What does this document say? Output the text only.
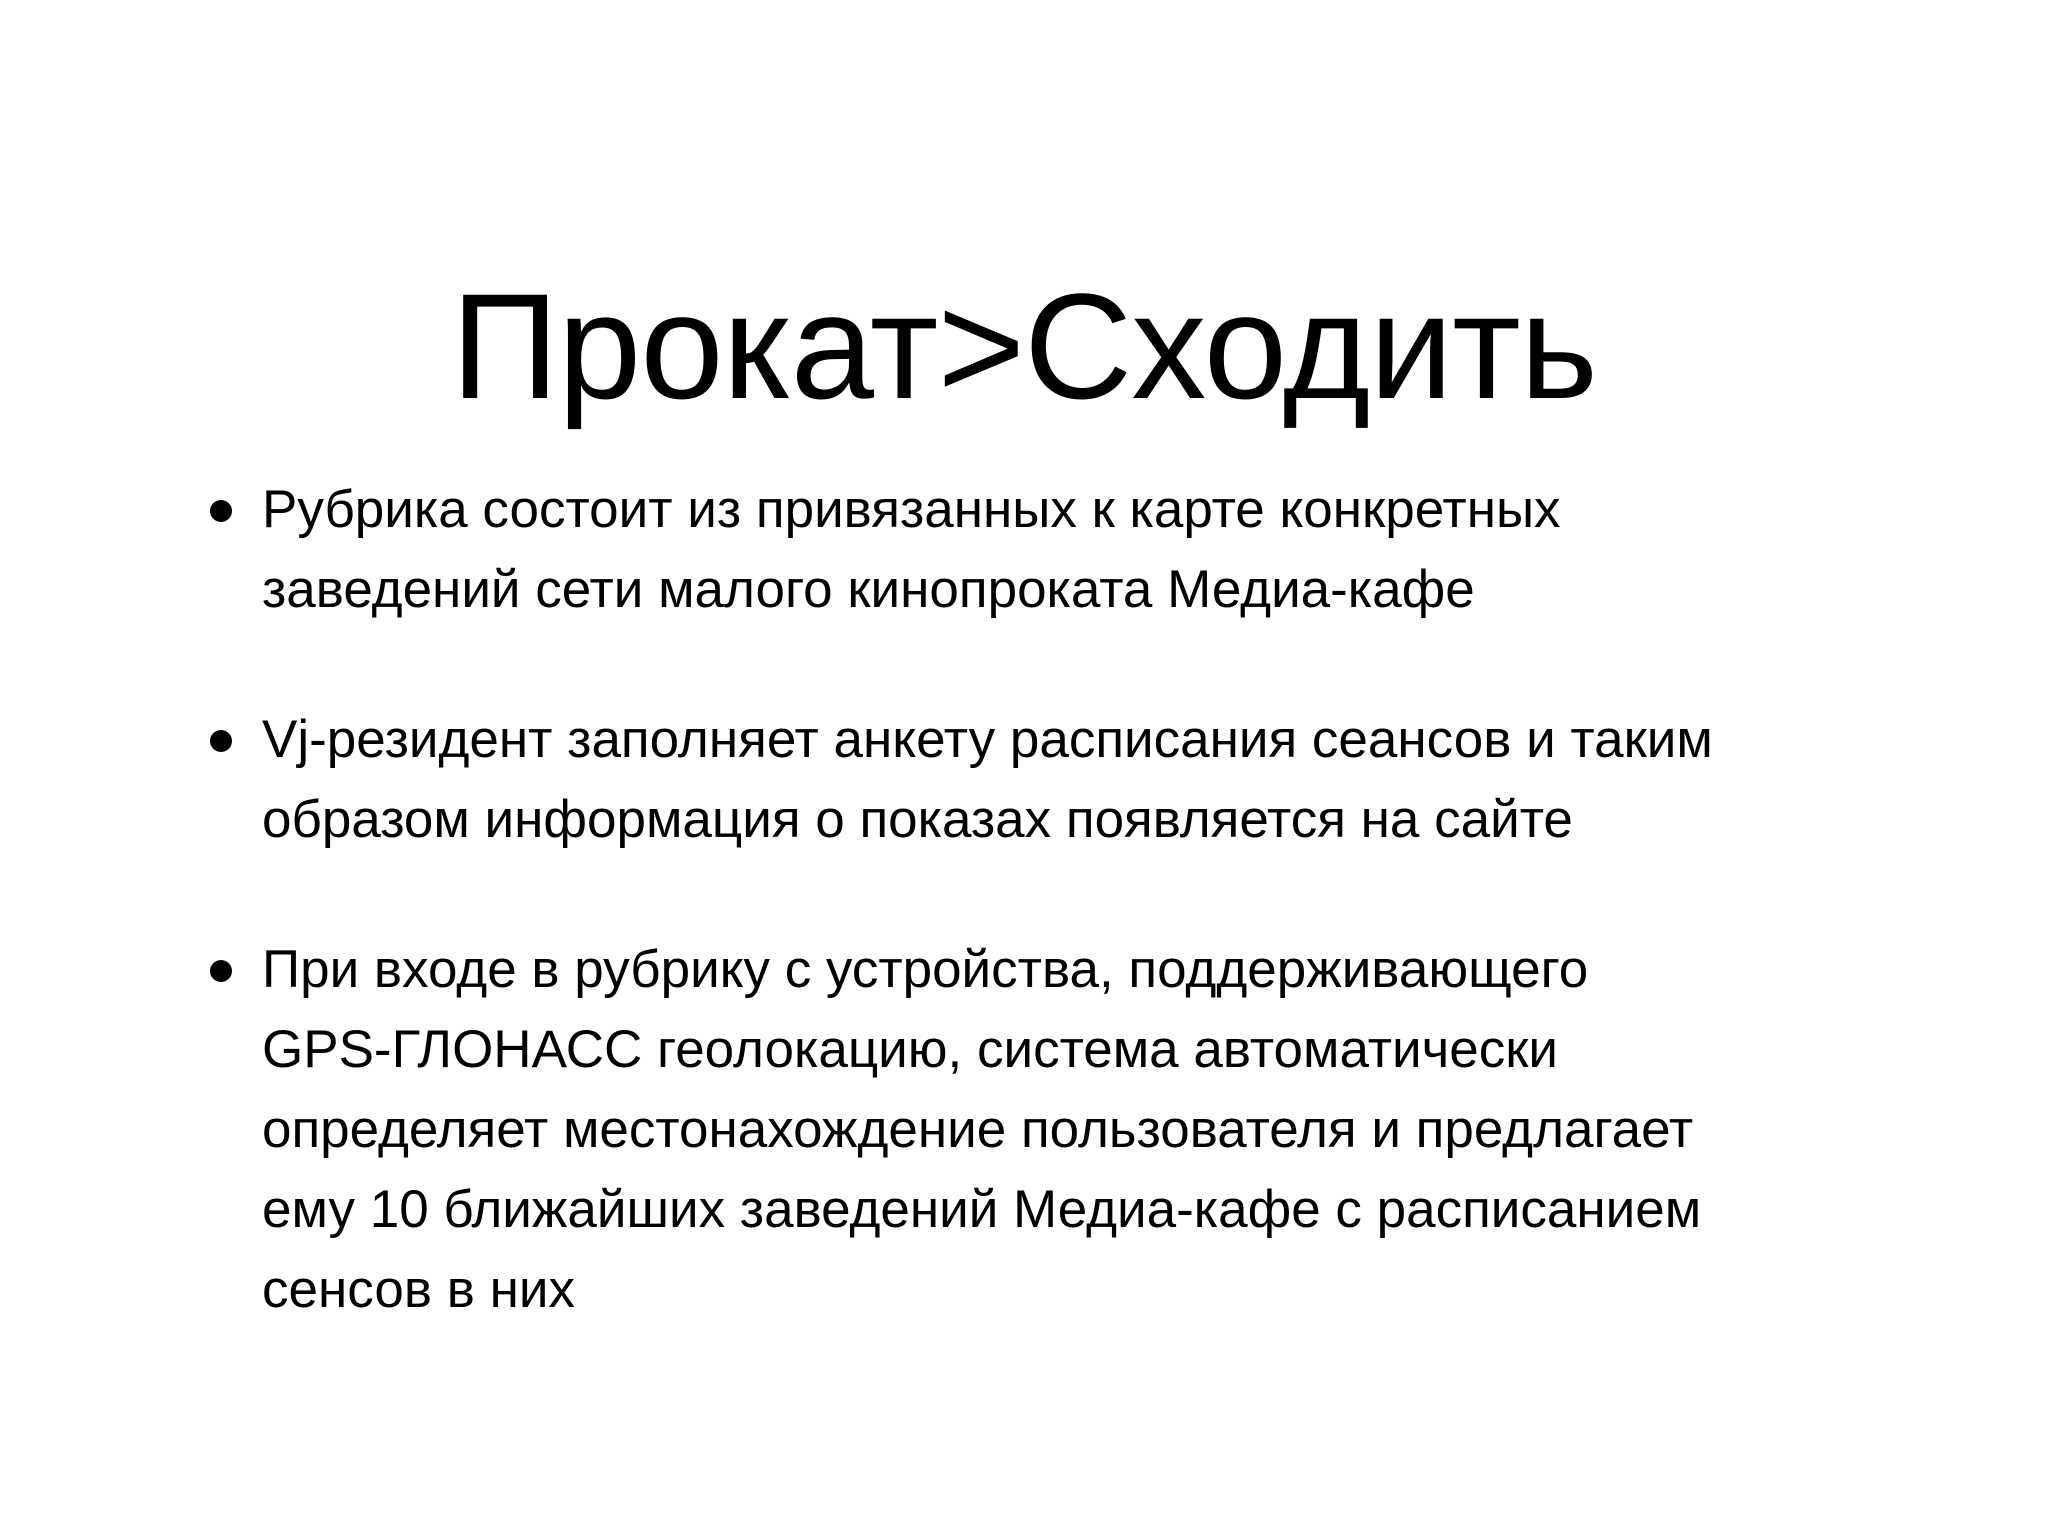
Прокат>Сходить
Рубрика состоит из привязанных к карте конкретных
заведений сети малого кинопроката Медиа-кафе
Vj-резидент заполняет анкету расписания сеансов и таким
образом информация о показах появляется на сайте
При входе в рубрику с устройства, поддерживающего
GPS-ГЛОНАСС геолокацию, система автоматически
определяет местонахождение пользователя и предлагает
ему 10 ближайших заведений Медиа-кафе с расписанием
сенсов в них
